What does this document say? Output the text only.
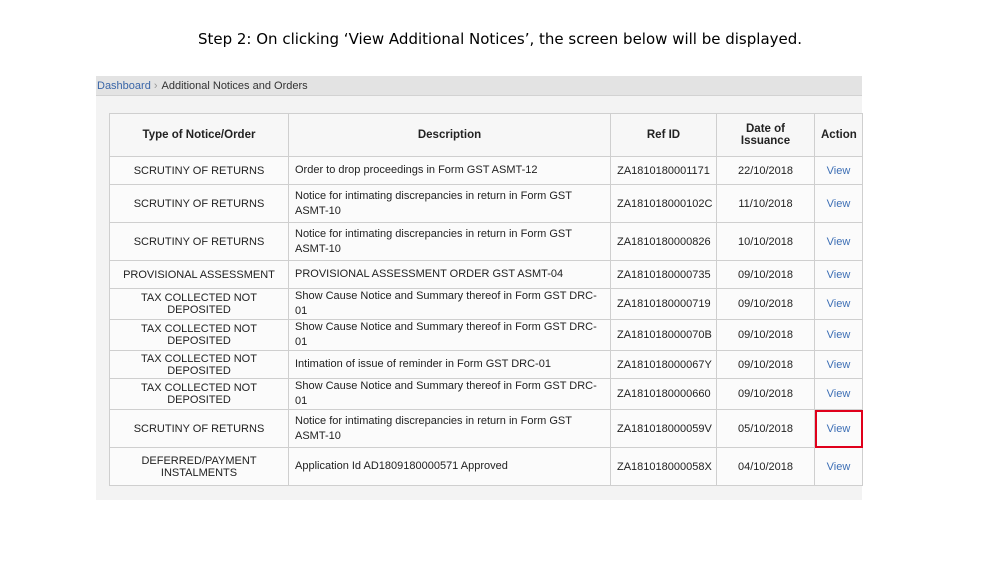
Step 2: On clicking ‘View Additional Notices’, the screen below will be displayed.
Dashboard › Additional Notices and Orders
Type of Notice/Order	Description	Ref ID	Date of Issuance	Action
SCRUTINY OF RETURNS	Order to drop proceedings in Form GST ASMT-12	ZA1810180001171	22/10/2018	View
SCRUTINY OF RETURNS	Notice for intimating discrepancies in return in Form GST ASMT-10	ZA181018000102C	11/10/2018	View
SCRUTINY OF RETURNS	Notice for intimating discrepancies in return in Form GST ASMT-10	ZA1810180000826	10/10/2018	View
PROVISIONAL ASSESSMENT	PROVISIONAL ASSESSMENT ORDER GST ASMT-04	ZA1810180000735	09/10/2018	View
TAX COLLECTED NOT DEPOSITED	Show Cause Notice and Summary thereof in Form GST DRC-01	ZA1810180000719	09/10/2018	View
TAX COLLECTED NOT DEPOSITED	Show Cause Notice and Summary thereof in Form GST DRC-01	ZA181018000070B	09/10/2018	View
TAX COLLECTED NOT DEPOSITED	Intimation of issue of reminder in Form GST DRC-01	ZA181018000067Y	09/10/2018	View
TAX COLLECTED NOT DEPOSITED	Show Cause Notice and Summary thereof in Form GST DRC-01	ZA1810180000660	09/10/2018	View
SCRUTINY OF RETURNS	Notice for intimating discrepancies in return in Form GST ASMT-10	ZA181018000059V	05/10/2018	View
DEFERRED/PAYMENT INSTALMENTS	Application Id AD1809180000571 Approved	ZA181018000058X	04/10/2018	View
